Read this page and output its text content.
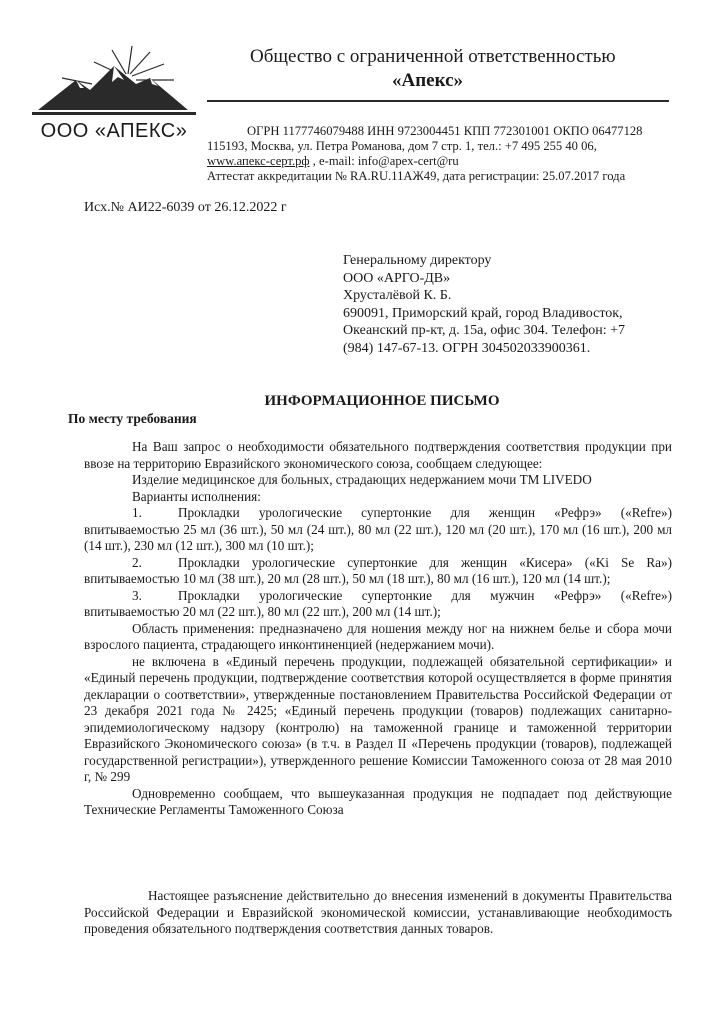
ООО «АПЕКС»
Общество с ограниченной ответственностью
«Апекс»
ОГРН 1177746079488 ИНН 9723004451 КПП 772301001 ОКПО 06477128
115193, Москва, ул. Петра Романова, дом 7 стр. 1, тел.: +7 495 255 40 06,
www.апекс-серт.рф , e-mail: info@apex-cert@ru
Аттестат аккредитации № RA.RU.11АЖ49, дата регистрации: 25.07.2017 года
Исх.№ АИ22-6039 от 26.12.2022 г
Генеральному директору
ООО «АРГО-ДВ»
Хрусталёвой К. Б.
690091, Приморский край, город Владивосток,
Океанский пр-кт, д. 15а, офис 304. Телефон: +7
(984) 147-67-13. ОГРН 304502033900361.
ИНФОРМАЦИОННОЕ ПИСЬМО
По месту требования

На Ваш запрос о необходимости обязательного подтверждения соответствия продукции при ввозе на территорию Евразийского экономического союза, сообщаем следующее:

Изделие медицинское для больных, страдающих недержанием мочи TM LIVEDO

Варианты исполнения:

1.	Прокладки урологические супертонкие для женщин «Рефрэ» («Refre») впитываемостью 25 мл (36 шт.), 50 мл (24 шт.), 80 мл (22 шт.), 120 мл (20 шт.), 170 мл (16 шт.), 200 мл (14 шт.), 230 мл (12 шт.), 300 мл (10 шт.);

2.	Прокладки урологические супертонкие для женщин «Кисера» («Ki Se Ra») впитываемостью 10 мл (38 шт.), 20 мл (28 шт.), 50 мл (18 шт.), 80 мл (16 шт.), 120 мл (14 шт.);

3.	Прокладки урологические супертонкие для мужчин «Рефрэ» («Refre») впитываемостью 20 мл (22 шт.), 80 мл (22 шт.), 200 мл (14 шт.);

Область применения: предназначено для ношения между ног на нижнем белье и сбора мочи взрослого пациента, страдающего инконтиненцией (недержанием мочи).

не включена в «Единый перечень продукции, подлежащей обязательной сертификации» и «Единый перечень продукции, подтверждение соответствия которой осуществляется в форме принятия декларации о соответствии», утвержденные постановлением Правительства Российской Федерации от 23 декабря 2021 года № 2425; «Единый перечень продукции (товаров) подлежащих санитарно-эпидемиологическому надзору (контролю) на таможенной границе и таможенной территории Евразийского Экономического союза» (в т.ч. в Раздел II «Перечень продукции (товаров), подлежащей государственной регистрации»), утвержденного решение Комиссии Таможенного союза от 28 мая 2010 г, № 299

Одновременно сообщаем, что вышеуказанная продукция не подпадает под действующие Технические Регламенты Таможенного Союза

Настоящее разъяснение действительно до внесения изменений в документы Правительства Российской Федерации и Евразийской экономической комиссии, устанавливающие необходимость проведения обязательного подтверждения соответствия данных товаров.
